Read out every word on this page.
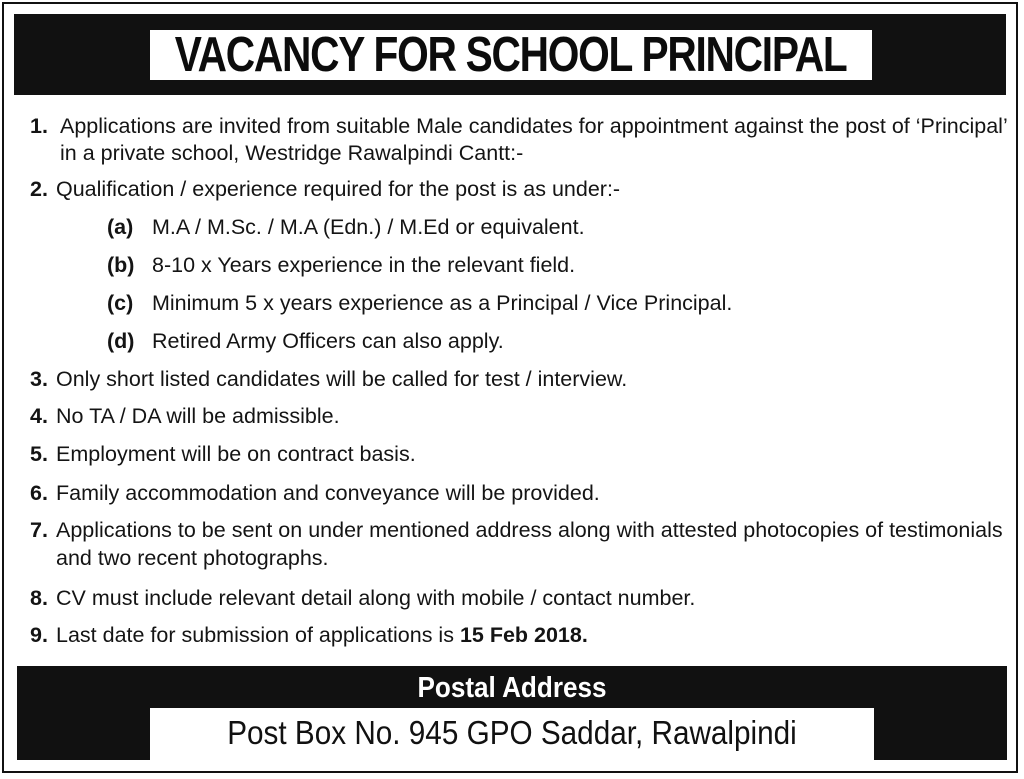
VACANCY FOR SCHOOL PRINCIPAL
1. Applications are invited from suitable Male candidates for appointment against the post of ‘Principal’
in a private school, Westridge Rawalpindi Cantt:-
2. Qualification / experience required for the post is as under:-
(a) M.A / M.Sc. / M.A (Edn.) / M.Ed or equivalent.
(b) 8-10 x Years experience in the relevant field.
(c) Minimum 5 x years experience as a Principal / Vice Principal.
(d) Retired Army Officers can also apply.
3. Only short listed candidates will be called for test / interview.
4. No TA / DA will be admissible.
5. Employment will be on contract basis.
6. Family accommodation and conveyance will be provided.
7. Applications to be sent on under mentioned address along with attested photocopies of testimonials
and two recent photographs.
8. CV must include relevant detail along with mobile / contact number.
9. Last date for submission of applications is 15 Feb 2018.
Postal Address
Post Box No. 945 GPO Saddar, Rawalpindi
